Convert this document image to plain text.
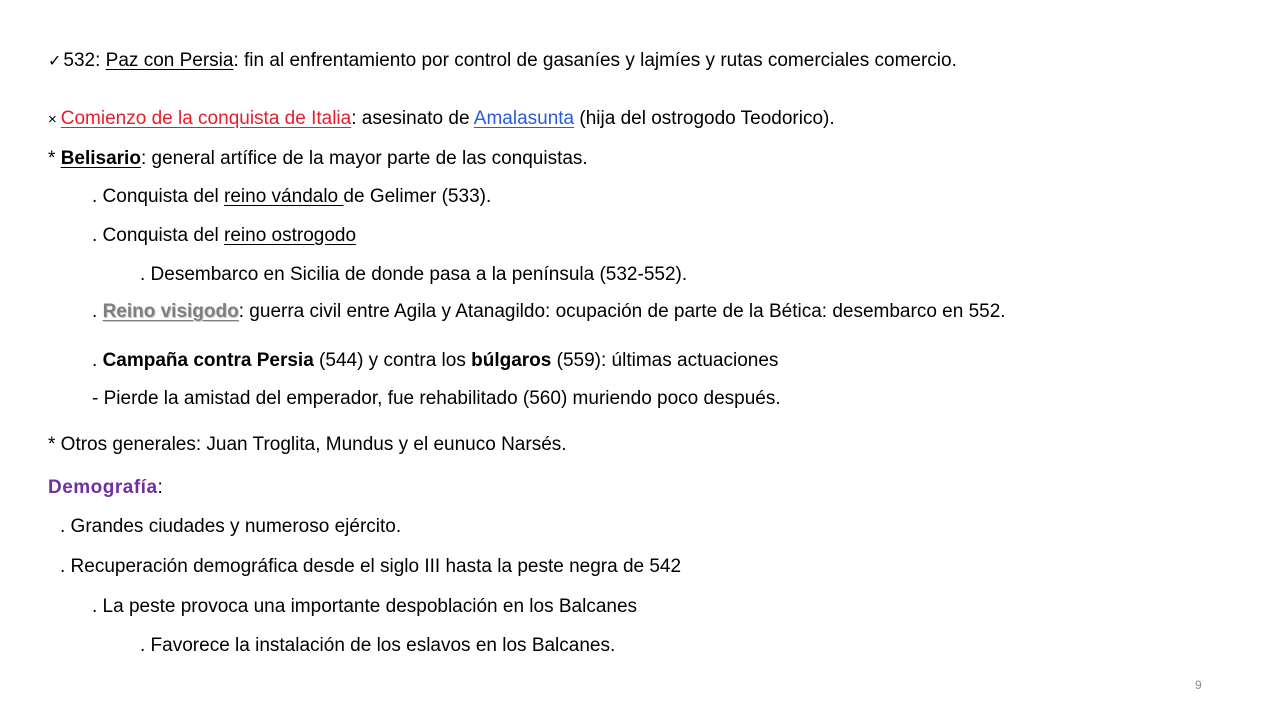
✓ 532: Paz con Persia: fin al enfrentamiento por control de gasaníes y lajmíes y rutas comerciales comercio.
× Comienzo de la conquista de Italia: asesinato de Amalasunta (hija del ostrogodo Teodorico).
* Belisario: general artífice de la mayor parte de las conquistas.
. Conquista del reino vándalo de Gelimer (533).
. Conquista del reino ostrogodo
. Desembarco en Sicilia de donde pasa a la península (532-552).
. Reino visigodo: guerra civil entre Agila y Atanagildo: ocupación de parte de la Bética: desembarco en 552.
. Campaña contra Persia (544) y contra los búlgaros (559): últimas actuaciones
- Pierde la amistad del emperador, fue rehabilitado (560) muriendo poco después.
* Otros generales: Juan Troglita, Mundus y el eunuco Narsés.
Demografía:
. Grandes ciudades y numeroso ejército.
. Recuperación demográfica desde el siglo III hasta la peste negra de 542
. La peste provoca una importante despoblación en los Balcanes
. Favorece la instalación de los eslavos en los Balcanes.
9
